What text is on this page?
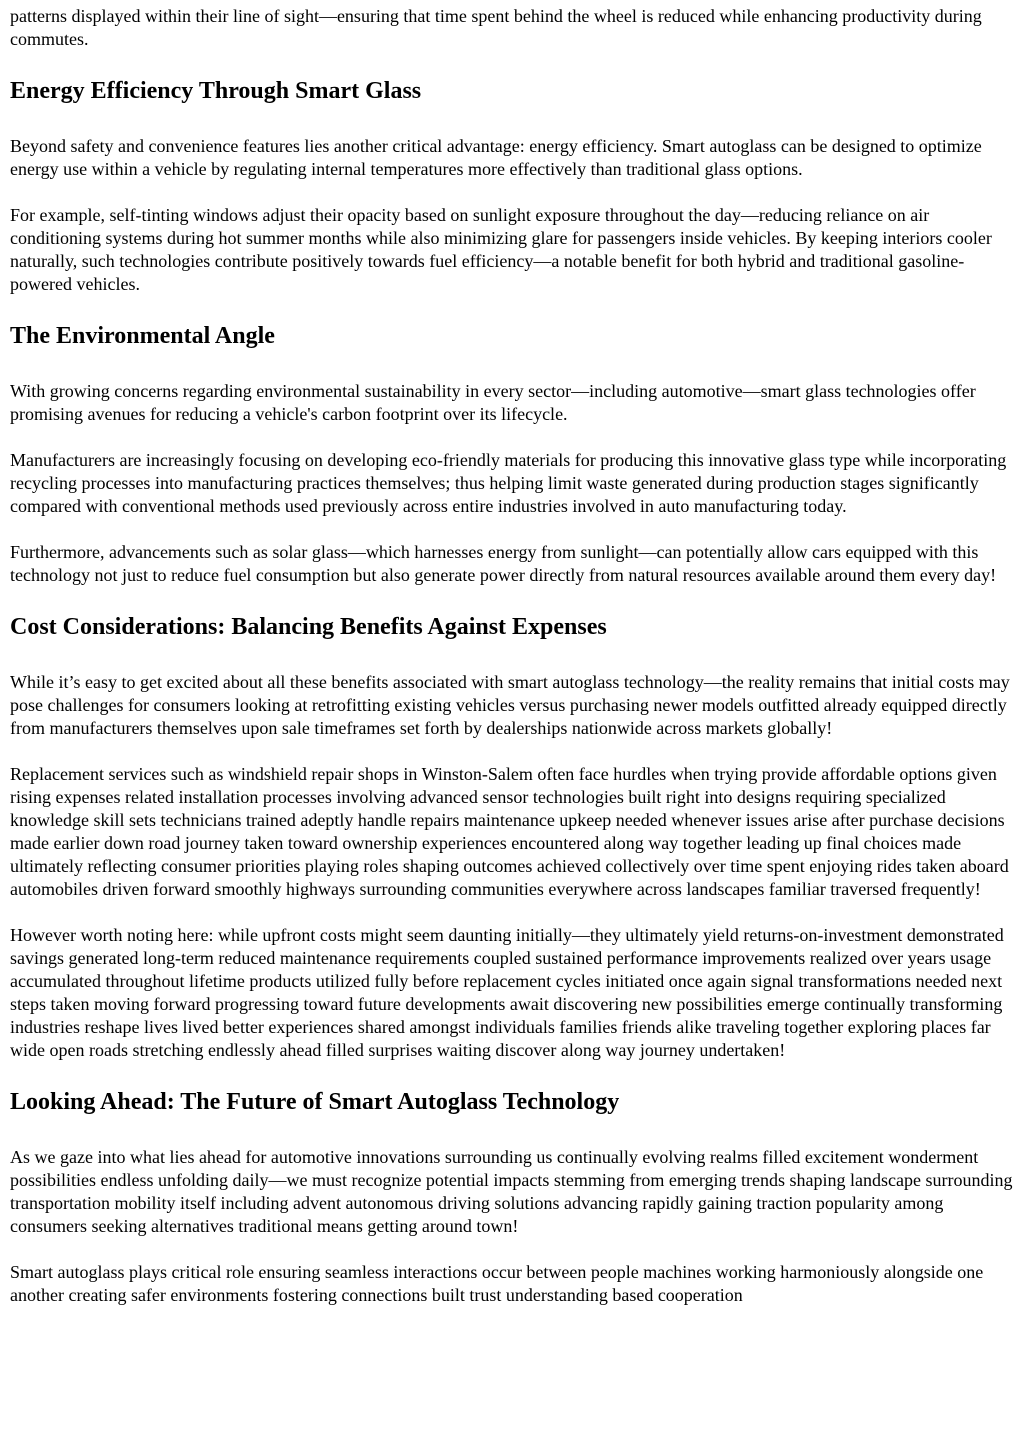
patterns displayed within their line of sight—ensuring that time spent behind the wheel is reduced while enhancing productivity during commutes.

Energy Efficiency Through Smart Glass

Beyond safety and convenience features lies another critical advantage: energy efficiency. Smart autoglass can be designed to optimize energy use within a vehicle by regulating internal temperatures more effectively than traditional glass options.

For example, self-tinting windows adjust their opacity based on sunlight exposure throughout the day—reducing reliance on air conditioning systems during hot summer months while also minimizing glare for passengers inside vehicles. By keeping interiors cooler naturally, such technologies contribute positively towards fuel efficiency—a notable benefit for both hybrid and traditional gasoline-powered vehicles.

The Environmental Angle

With growing concerns regarding environmental sustainability in every sector—including automotive—smart glass technologies offer promising avenues for reducing a vehicle's carbon footprint over its lifecycle.

Manufacturers are increasingly focusing on developing eco-friendly materials for producing this innovative glass type while incorporating recycling processes into manufacturing practices themselves; thus helping limit waste generated during production stages significantly compared with conventional methods used previously across entire industries involved in auto manufacturing today.

Furthermore, advancements such as solar glass—which harnesses energy from sunlight—can potentially allow cars equipped with this technology not just to reduce fuel consumption but also generate power directly from natural resources available around them every day!

Cost Considerations: Balancing Benefits Against Expenses

While it’s easy to get excited about all these benefits associated with smart autoglass technology—the reality remains that initial costs may pose challenges for consumers looking at retrofitting existing vehicles versus purchasing newer models outfitted already equipped directly from manufacturers themselves upon sale timeframes set forth by dealerships nationwide across markets globally!

Replacement services such as windshield repair shops in Winston-Salem often face hurdles when trying provide affordable options given rising expenses related installation processes involving advanced sensor technologies built right into designs requiring specialized knowledge skill sets technicians trained adeptly handle repairs maintenance upkeep needed whenever issues arise after purchase decisions made earlier down road journey taken toward ownership experiences encountered along way together leading up final choices made ultimately reflecting consumer priorities playing roles shaping outcomes achieved collectively over time spent enjoying rides taken aboard automobiles driven forward smoothly highways surrounding communities everywhere across landscapes familiar traversed frequently!

However worth noting here: while upfront costs might seem daunting initially—they ultimately yield returns-on-investment demonstrated savings generated long-term reduced maintenance requirements coupled sustained performance improvements realized over years usage accumulated throughout lifetime products utilized fully before replacement cycles initiated once again signal transformations needed next steps taken moving forward progressing toward future developments await discovering new possibilities emerge continually transforming industries reshape lives lived better experiences shared amongst individuals families friends alike traveling together exploring places far wide open roads stretching endlessly ahead filled surprises waiting discover along way journey undertaken!

Looking Ahead: The Future of Smart Autoglass Technology

As we gaze into what lies ahead for automotive innovations surrounding us continually evolving realms filled excitement wonderment possibilities endless unfolding daily—we must recognize potential impacts stemming from emerging trends shaping landscape surrounding transportation mobility itself including advent autonomous driving solutions advancing rapidly gaining traction popularity among consumers seeking alternatives traditional means getting around town!

Smart autoglass plays critical role ensuring seamless interactions occur between people machines working harmoniously alongside one another creating safer environments fostering connections built trust understanding based cooperation
